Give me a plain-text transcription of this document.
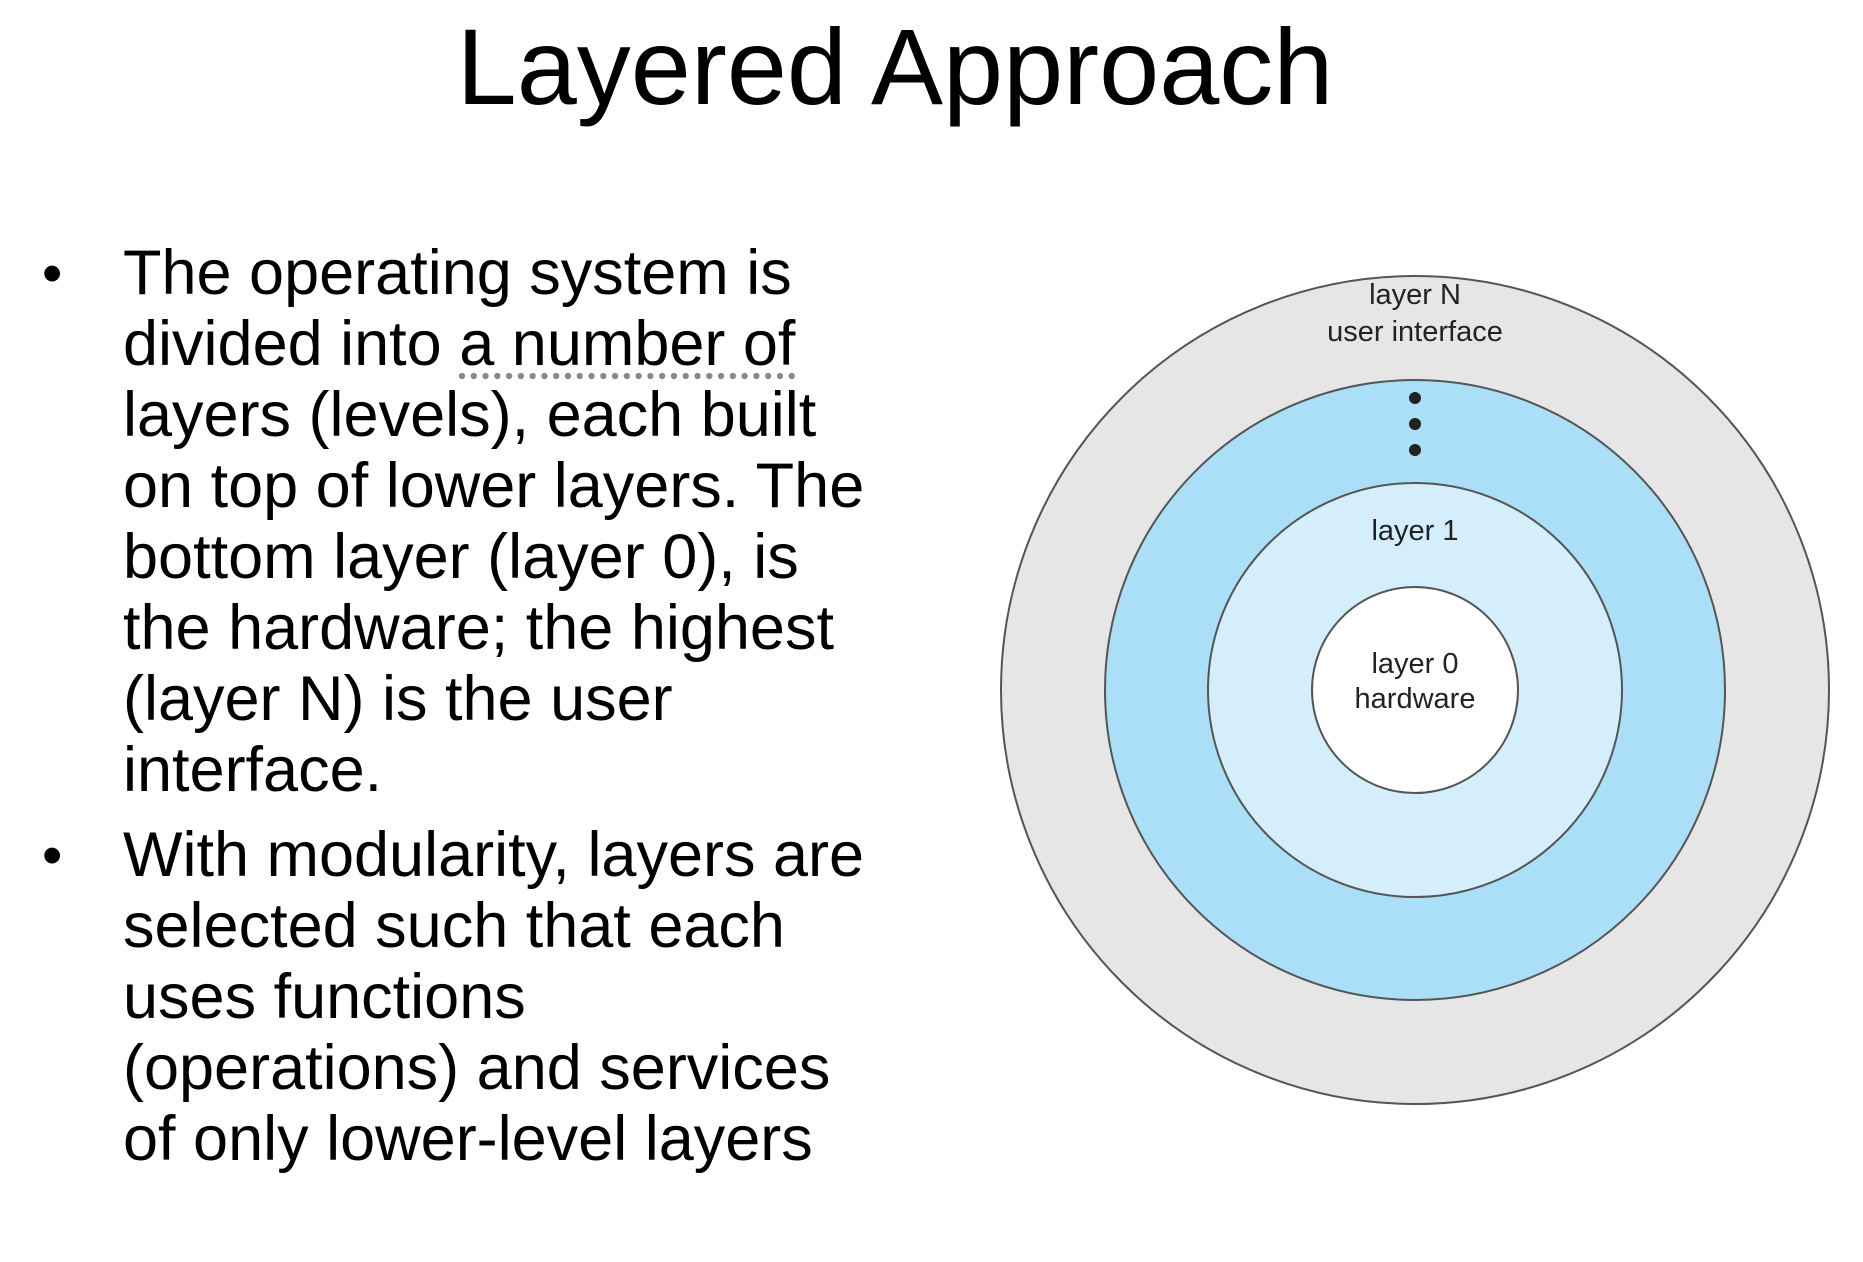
Layered Approach
• The operating system is divided into a number of layers (levels), each built on top of lower layers. The bottom layer (layer 0), is the hardware; the highest (layer N) is the user interface.
• With modularity, layers are selected such that each uses functions (operations) and services of only lower-level layers
layer N
user interface
layer 1
layer 0
hardware
